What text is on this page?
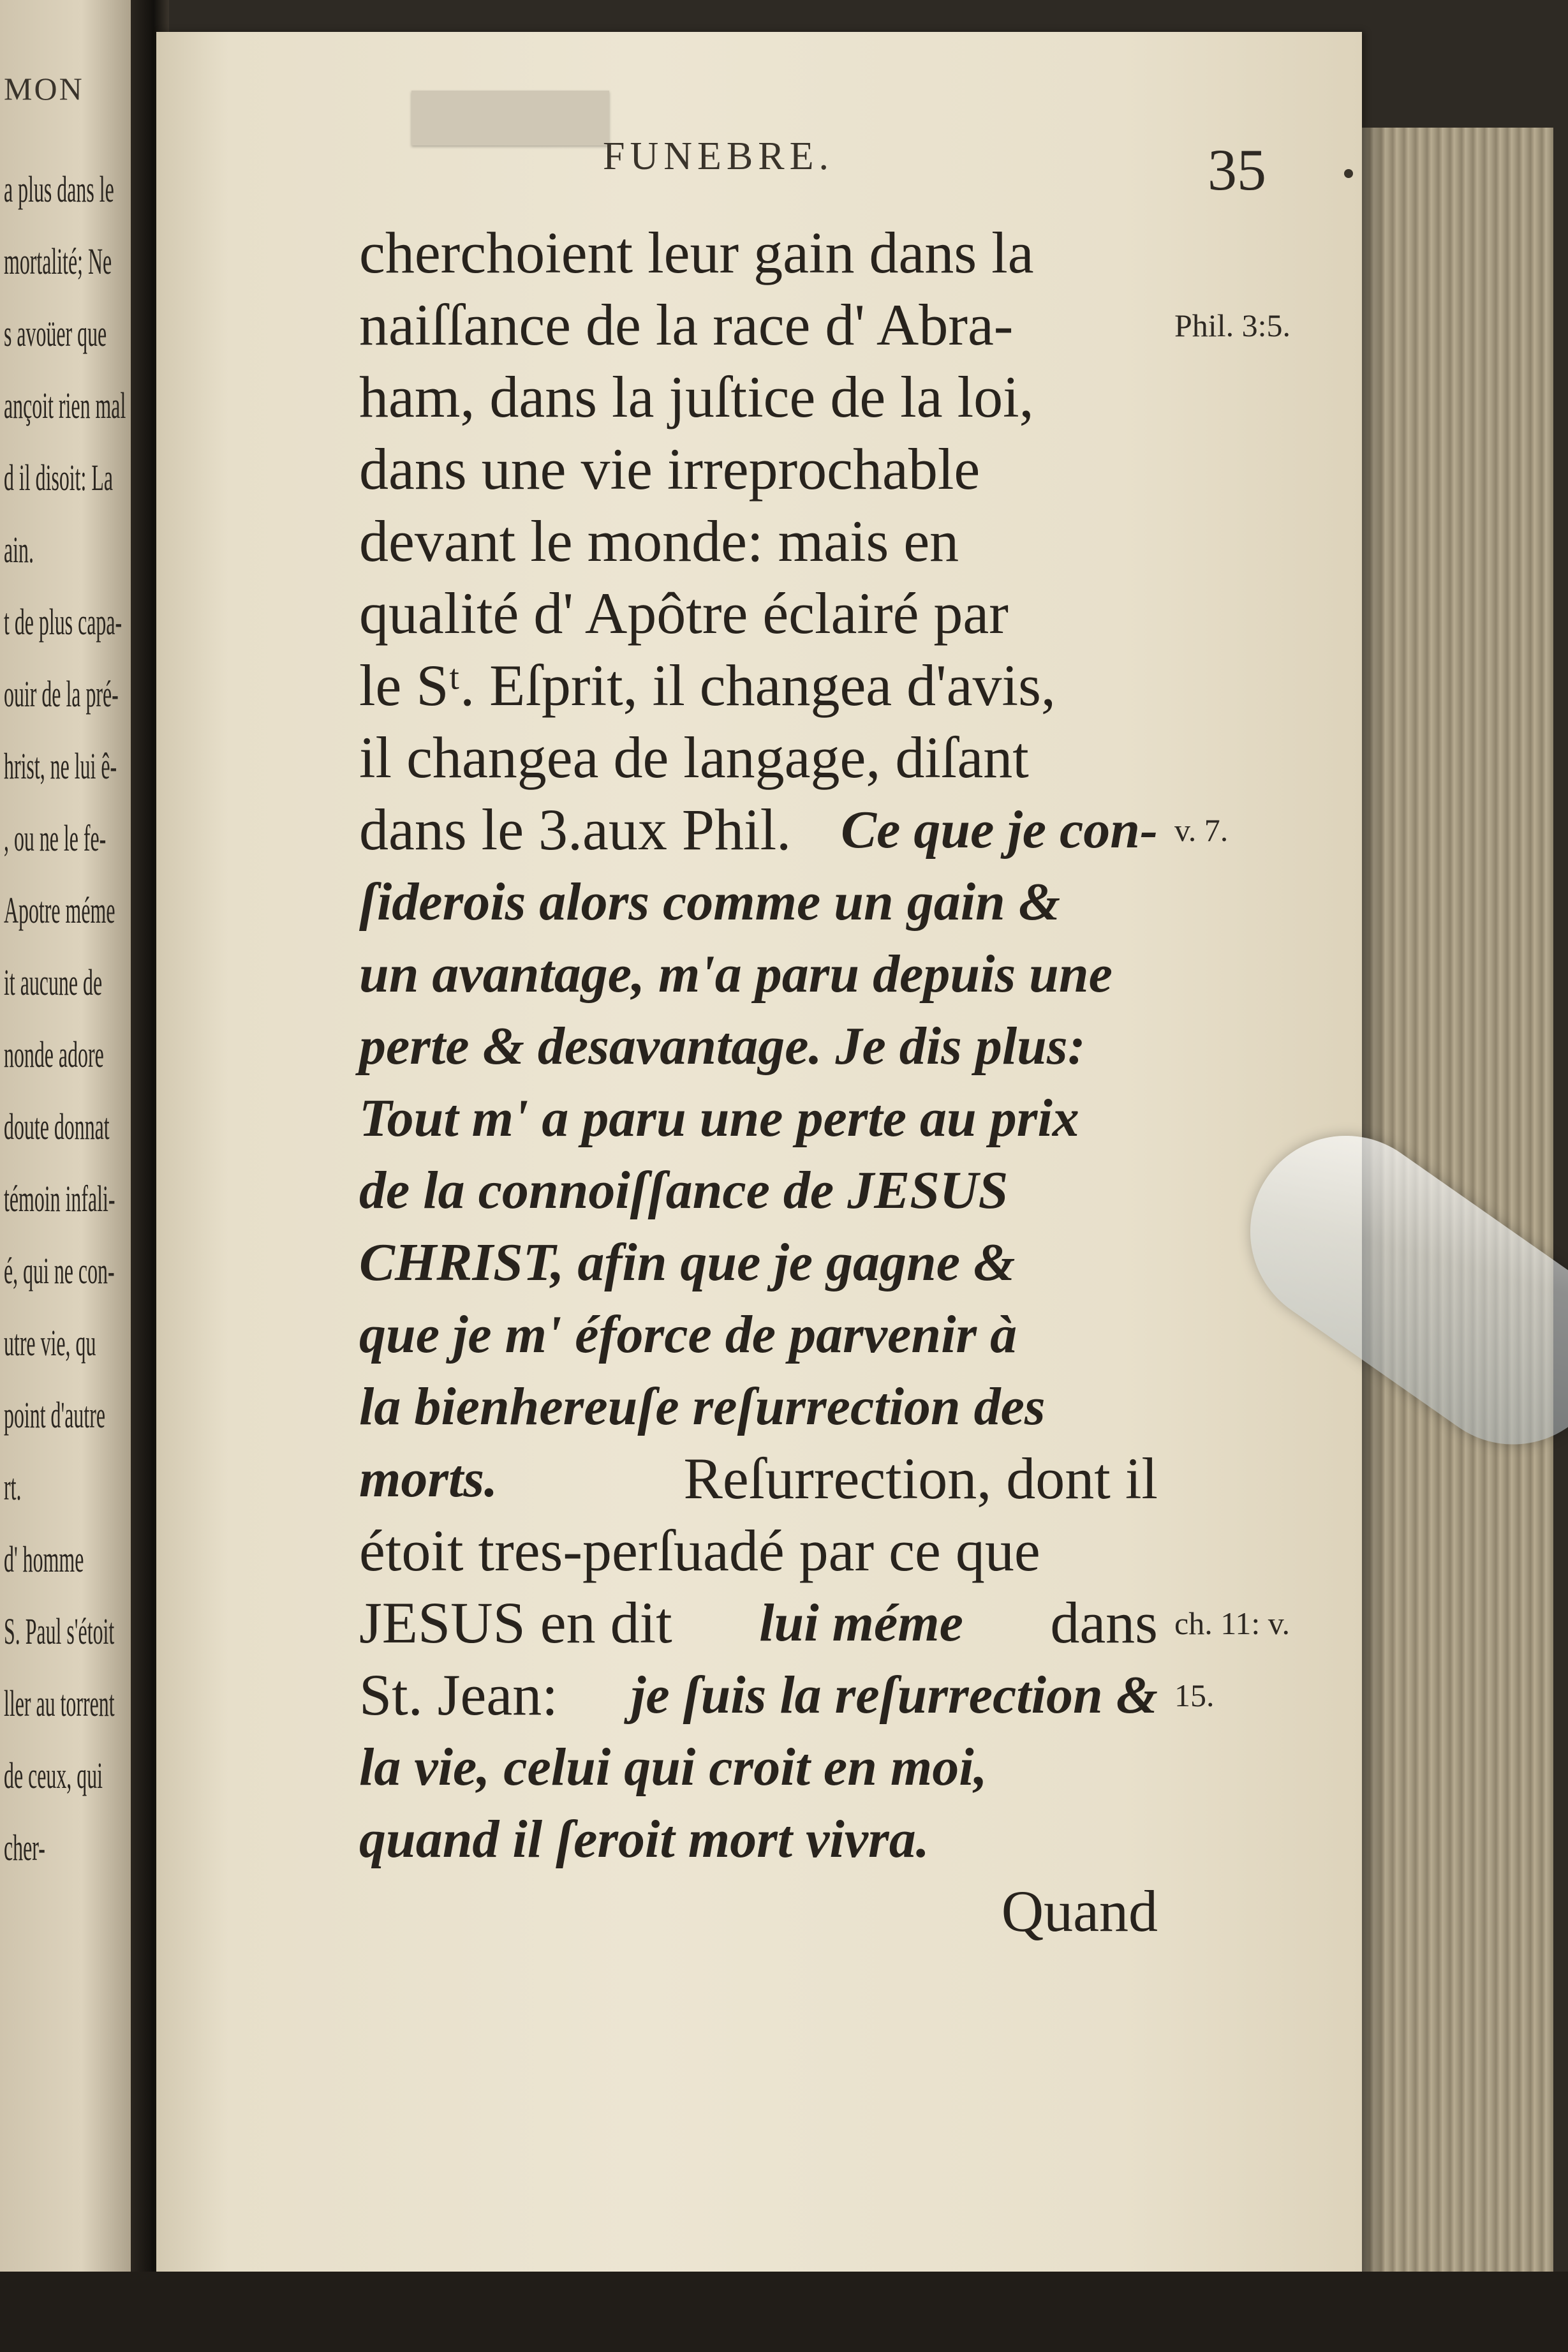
MON
a plus dans le
mortalité; Ne
s avoüer que
ançoit rien mal
d il disoit: La
ain.
t de plus capa-
ouir de la pré-
hrist, ne lui ê-
, ou ne le fe-
Apotre méme
it aucune de
nonde adore
doute donnat
témoin infali-
é, qui ne con-
utre vie, qu
point d'autre
rt.
d' homme
S. Paul s'étoit
ller au torrent
de ceux, qui
cher-
FUNEBRE.	35
cherchoient leur gain dans la
naiſſance de la race d' Abra-
ham, dans la juſtice de la loi,
dans une vie irreprochable
devant le monde: mais en
qualité d' Apôtre éclairé par
le Sᵗ. Eſprit, il changea d'avis,
il changea de langage, diſant
dans le 3.aux Phil. Ce que je con-
ſiderois alors comme un gain &
un avantage, m'a paru depuis une
perte & desavantage. Je dis plus:
Tout m' a paru une perte au prix
de la connoiſſance de JESUS
CHRIST, afin que je gagne &
que je m' éforce de parvenir à
la bienhereuſe reſurrection des
morts.	Reſurrection, dont il
étoit tres-perſuadé par ce que
JESUS en dit lui méme dans
St. Jean: je ſuis la reſurrection &
la vie, celui qui croit en moi,
quand il ſeroit mort vivra.
Quand
Phil. 3:5.
v. 7.
ch. 11: v.
15.
